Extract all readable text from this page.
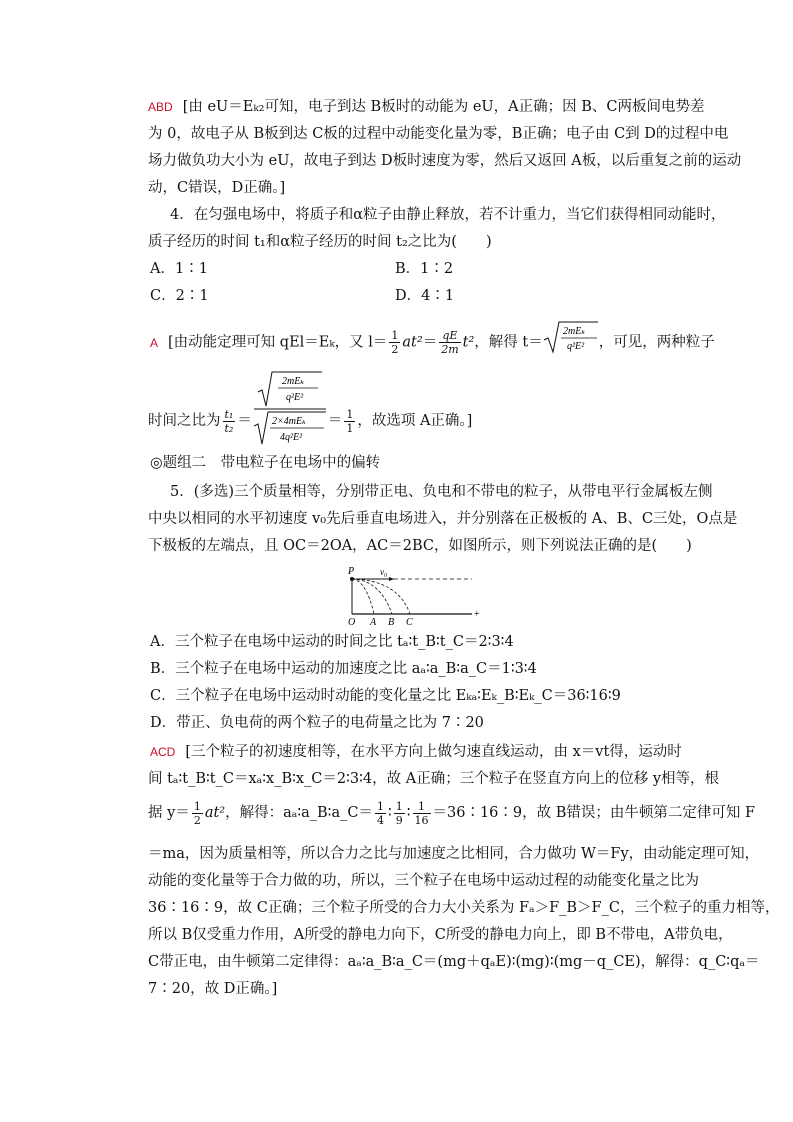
ABD [由 eU＝Eₖ₂可知，电子到达 B板时的动能为 eU，A正确；因 B、C两板间电势差
为 0，故电子从 B板到达 C板的过程中动能变化量为零，B正确；电子由 C到 D的过程中电
场力做负功大小为 eU，故电子到达 D板时速度为零，然后又返回 A板，以后重复之前的运动
动，C错误，D正确。]
4．在匀强电场中，将质子和α粒子由静止释放，若不计重力，当它们获得相同动能时，
质子经历的时间 t₁和α粒子经历的时间 t₂之比为(　　)
A．1∶1	B．1∶2
C．2∶1	D．4∶1
A [由动能定理可知 qEl＝Eₖ，又 $l= \frac{1}{2} at^2= \frac{qE}{2m} t^2$，解得 t＝
2mEₖ
q²E² ，可见，两种粒子
时间之比为 $\frac{\text{t₁}}{\text{t₂}}$ ＝
2mEₖ
q²E²
2×4mEₖ
4q²E²
＝ $\frac{1}{1}$ ，故选项 A正确。]
◎题组二　带电粒子在电场中的偏转
5．(多选)三个质量相等，分别带正电、负电和不带电的粒子，从带电平行金属板左侧
中央以相同的水平初速度 v₀先后垂直电场进入，并分别落在正极板的 A、B、C三处，O点是
下极板的左端点，且 OC＝2OA，AC＝2BC，如图所示，则下列说法正确的是(　　)
P	v₀
O A B C
+
A．三个粒子在电场中运动的时间之比 tₐ∶t_B∶t_C＝2∶3∶4
B．三个粒子在电场中运动的加速度之比 aₐ∶a_B∶a_C＝1∶3∶4
C．三个粒子在电场中运动时动能的变化量之比 Eₖₐ∶Eₖ_B∶Eₖ_C＝36∶16∶9
D．带正、负电荷的两个粒子的电荷量之比为 7∶20
ACD [三个粒子的初速度相等，在水平方向上做匀速直线运动，由 x＝vt得，运动时
间 tₐ∶t_B∶t_C＝xₐ∶x_B∶x_C＝2∶3∶4，故 A正确；三个粒子在竖直方向上的位移 y相等，根
据 $y= \frac{1}{2} at^2$，解得：aₐ∶a_B∶a_C＝ $\frac{1}{4}$ ∶ $\frac{1}{9}$ ∶ $\frac{1}{16}$ ＝36∶16∶9，故 B错误；由牛顿第二定律可知 F
＝ma，因为质量相等，所以合力之比与加速度之比相同，合力做功 W＝Fy，由动能定理可知，
动能的变化量等于合力做的功，所以，三个粒子在电场中运动过程的动能变化量之比为
36∶16∶9，故 C正确；三个粒子所受的合力大小关系为 Fₐ＞F_B＞F_C，三个粒子的重力相等，
所以 B仅受重力作用，A所受的静电力向下，C所受的静电力向上，即 B不带电，A带负电，
C带正电，由牛顿第二定律得：aₐ∶a_B∶a_C＝(mg＋qₐE)∶(mg)∶(mg－q_CE)，解得：q_C∶qₐ＝
7∶20，故 D正确。]
